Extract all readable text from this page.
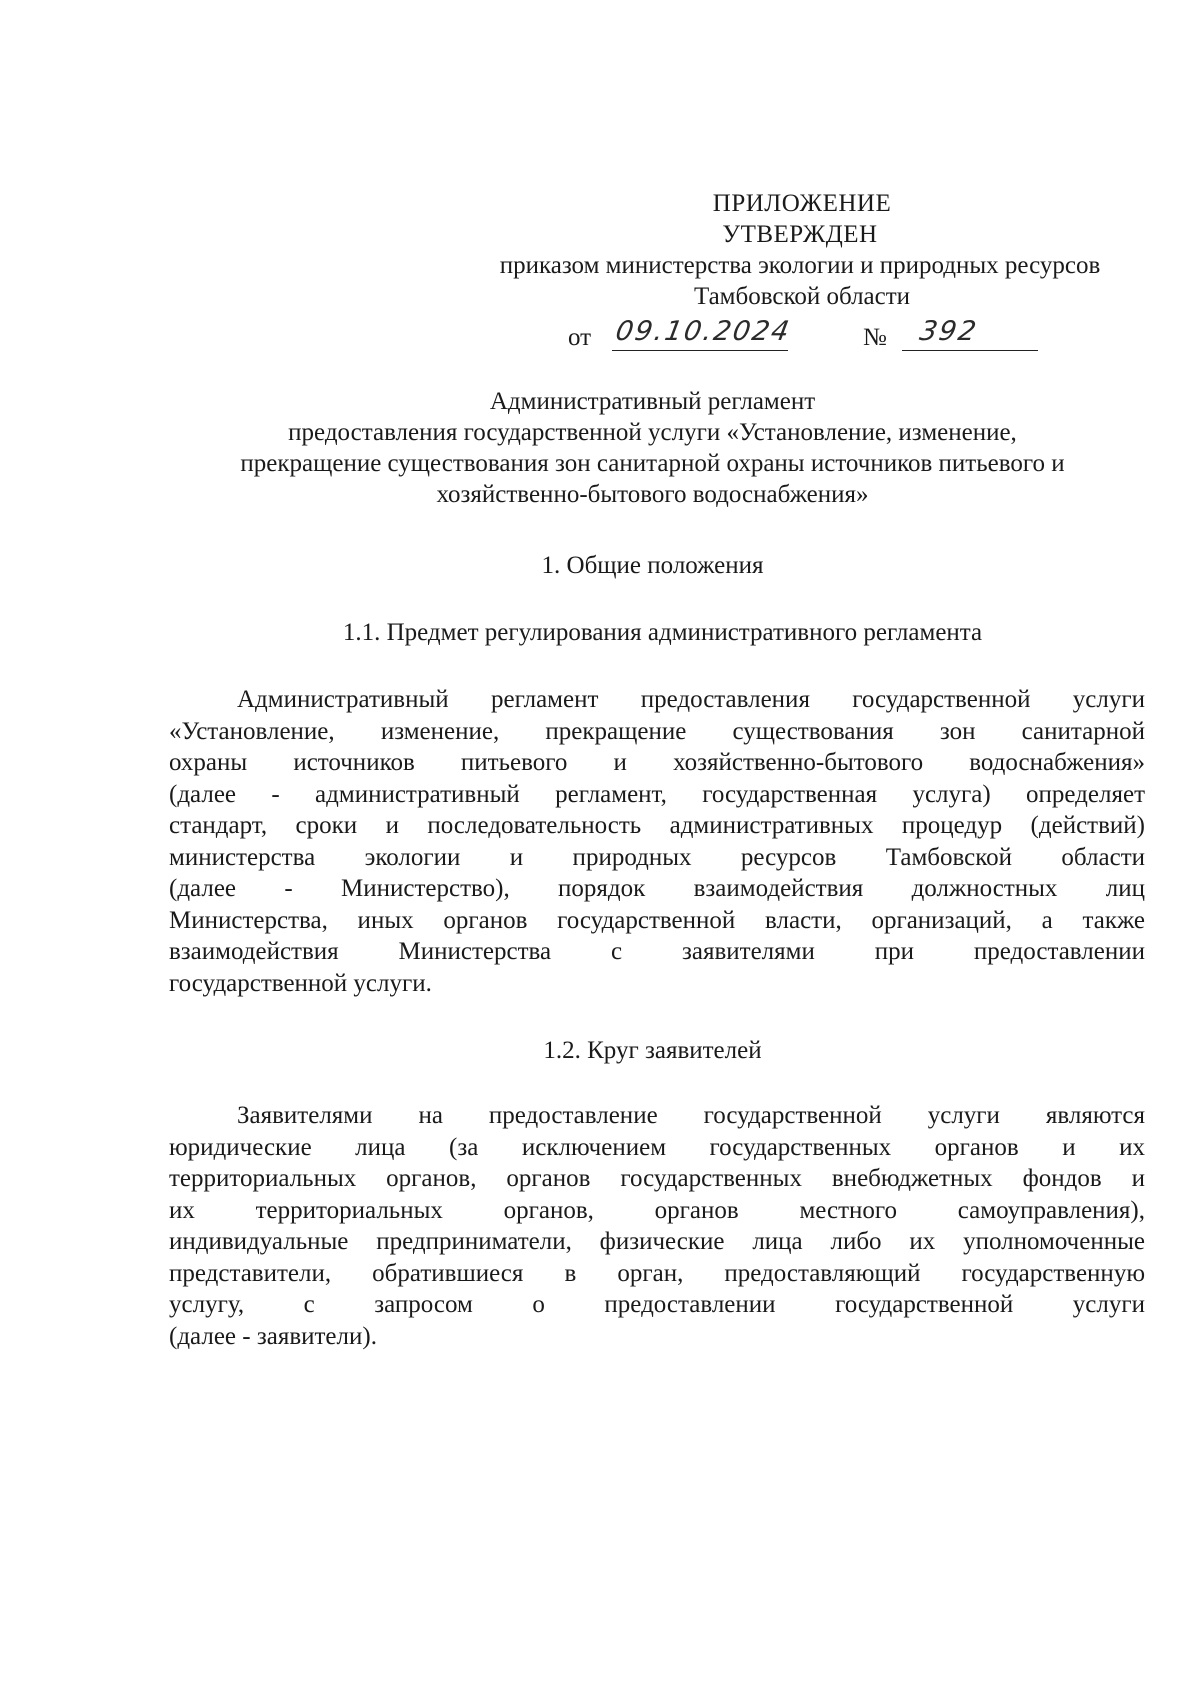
ПРИЛОЖЕНИЕ
УТВЕРЖДЕН
приказом министерства экологии и природных ресурсов
Тамбовской области
от 09.10.2024	№ 392
Административный регламент
предоставления государственной услуги «Установление, изменение,
прекращение существования зон санитарной охраны источников питьевого и
хозяйственно-бытового водоснабжения»
1. Общие положения
1.1. Предмет регулирования административного регламента
Административный регламент предоставления государственной услуги
«Установление, изменение, прекращение существования зон санитарной
охраны источников питьевого и хозяйственно-бытового водоснабжения»
(далее - административный регламент, государственная услуга) определяет
стандарт, сроки и последовательность административных процедур (действий)
министерства экологии и природных ресурсов Тамбовской области
(далее - Министерство), порядок взаимодействия должностных лиц
Министерства, иных органов государственной власти, организаций, а также
взаимодействия Министерства с заявителями при предоставлении
государственной услуги.
1.2. Круг заявителей
Заявителями на предоставление государственной услуги являются
юридические лица (за исключением государственных органов и их
территориальных органов, органов государственных внебюджетных фондов и
их территориальных органов, органов местного самоуправления),
индивидуальные предприниматели, физические лица либо их уполномоченные
представители, обратившиеся в орган, предоставляющий государственную
услугу, с запросом о предоставлении государственной услуги
(далее - заявители).
